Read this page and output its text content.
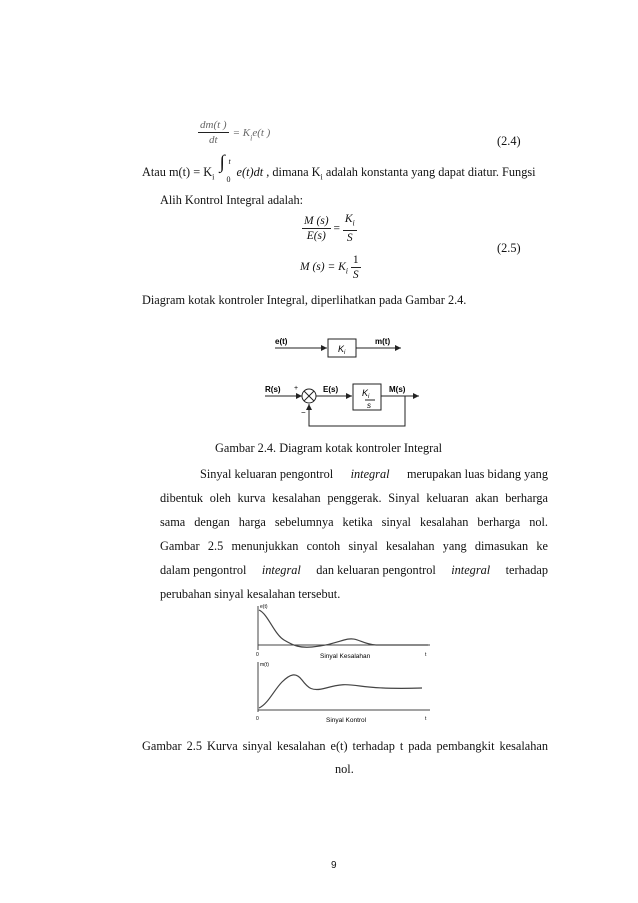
$\frac{dm(t )}{dt} = K_ie(t$ )
(2.4)
Atau $m(t) = K_i$
∫ t
0
e(t)dt , dimana $K_i$ adalah konstanta yang dapat diatur. Fungsi
Alih Kontrol Integral adalah:
$\frac{M (s)}{E(s)} = \frac{K_i}{S}$
M $(s) = K_i \frac{1}{S}$
(2.5)
Diagram kotak kontroler Integral, diperlihatkan pada Gambar 2.4.
e(t)
$K_i$
m(t)
R(s) +
−
E(s)	$K_i$
s
M(s)
Gambar 2.4. Diagram kotak kontroler Integral
Sinyal keluaran pengontrol integral merupakan luas bidang yang
dibentuk oleh kurva kesalahan penggerak. Sinyal keluaran akan berharga
sama dengan harga sebelumnya ketika sinyal kesalahan berharga nol.
Gambar 2.5 menunjukkan contoh sinyal kesalahan yang dimasukan ke
dalam pengontrol integral dan keluaran pengontrol integral terhadap
perubahan sinyal kesalahan tersebut.
e(t)
0	Sinyal Kesalahan	t
m(t)
0	Sinyal Kontrol	t
Gambar 2.5 Kurva sinyal kesalahan e(t) terhadap t pada pembangkit kesalahan
nol.
9
